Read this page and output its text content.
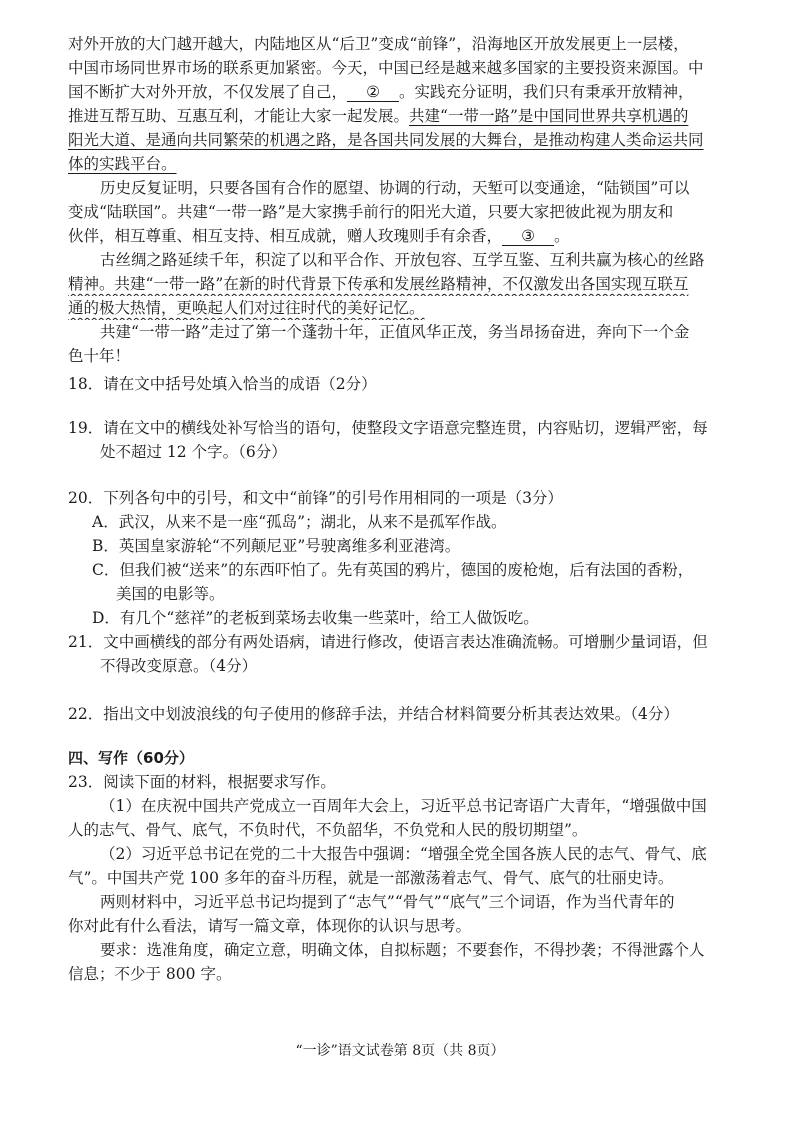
对外开放的大门越开越大，内陆地区从“后卫”变成“前锋”，沿海地区开放发展更上一层楼，
中国市场同世界市场的联系更加紧密。今天，中国已经是越来越多国家的主要投资来源国。中
国不断扩大对外开放，不仅发展了自己， ② 。实践充分证明，我们只有秉承开放精神，
推进互帮互助、互惠互利，才能让大家一起发展。共建“一带一路”是中国同世界共享机遇的
阳光大道、是通向共同繁荣的机遇之路，是各国共同发展的大舞台，是推动构建人类命运共同
体的实践平台。
历史反复证明，只要各国有合作的愿望、协调的行动，天堑可以变通途，“陆锁国”可以
变成“陆联国”。共建“一带一路”是大家携手前行的阳光大道，只要大家把彼此视为朋友和
伙伴，相互尊重、相互支持、相互成就，赠人玫瑰则手有余香， ③ 。
古丝绸之路延续千年，积淀了以和平合作、开放包容、互学互鉴、互利共赢为核心的丝路
精神。共建“一带一路”在新的时代背景下传承和发展丝路精神，不仅激发出各国实现互联互
通的极大热情，更唤起人们对过往时代的美好记忆。
共建“一带一路”走过了第一个蓬勃十年，正值风华正茂，务当昂扬奋进，奔向下一个金
色十年！
18．请在文中括号处填入恰当的成语（2分）
19．请在文中的横线处补写恰当的语句，使整段文字语意完整连贯，内容贴切，逻辑严密，每
处不超过 12 个字。（6分）
20．下列各句中的引号，和文中“前锋”的引号作用相同的一项是（3分）
A．武汉，从来不是一座“孤岛”；湖北，从来不是孤军作战。
B．英国皇家游轮“不列颠尼亚”号驶离维多利亚港湾。
C．但我们被“送来”的东西吓怕了。先有英国的鸦片，德国的废枪炮，后有法国的香粉，
美国的电影等。
D．有几个“慈祥”的老板到菜场去收集一些菜叶，给工人做饭吃。
21．文中画横线的部分有两处语病，请进行修改，使语言表达准确流畅。可增删少量词语，但
不得改变原意。（4分）
22．指出文中划波浪线的句子使用的修辞手法，并结合材料简要分析其表达效果。（4分）
四、写作（60分）
23．阅读下面的材料，根据要求写作。
（1）在庆祝中国共产党成立一百周年大会上，习近平总书记寄语广大青年，“增强做中国
人的志气、骨气、底气，不负时代，不负韶华，不负党和人民的殷切期望”。
（2）习近平总书记在党的二十大报告中强调：“增强全党全国各族人民的志气、骨气、底
气”。中国共产党 100 多年的奋斗历程，就是一部激荡着志气、骨气、底气的壮丽史诗。
两则材料中，习近平总书记均提到了“志气”“骨气”“底气”三个词语，作为当代青年的
你对此有什么看法，请写一篇文章，体现你的认识与思考。
要求：选准角度，确定立意，明确文体，自拟标题；不要套作，不得抄袭；不得泄露个人
信息；不少于 800 字。
“一诊”语文试卷第 8页（共 8页）
